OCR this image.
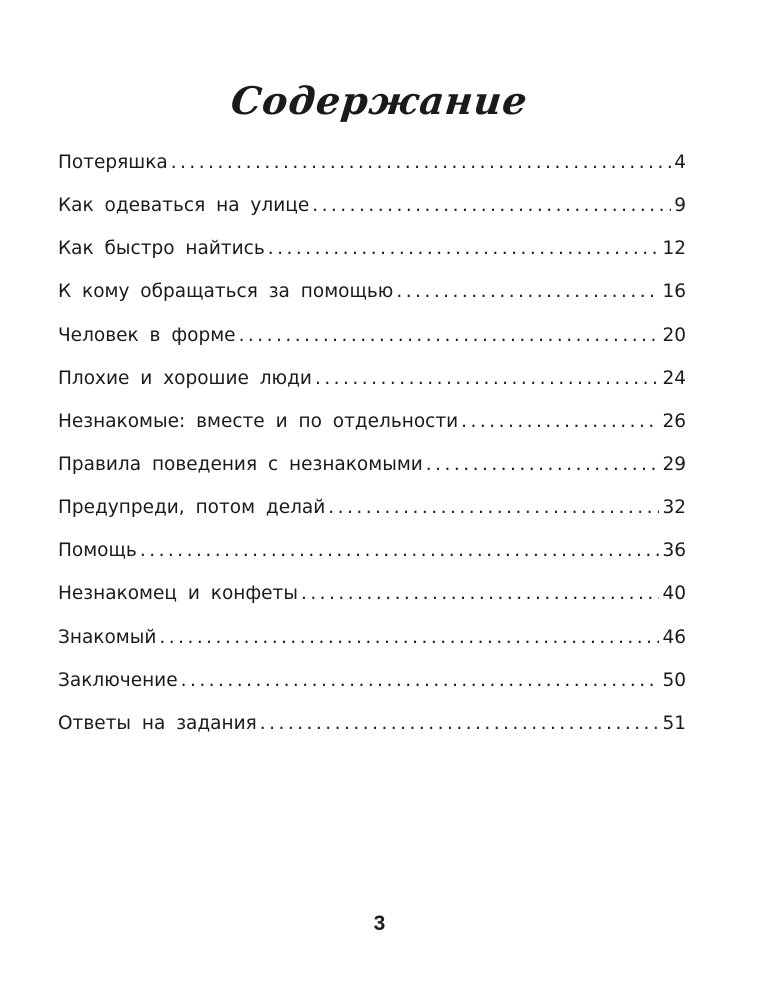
Содержание
Потеряшка . . .	4
Как одеваться на улице . . .	9
Как быстро найтись . . .	12
К кому обращаться за помощью . . .	16
Человек в форме . . .	20
Плохие и хорошие люди . . .	24
Незнакомые: вместе и по отдельности . . .	26
Правила поведения с незнакомыми . . .	29
Предупреди, потом делай . . .	32
Помощь . . .	36
Незнакомец и конфеты . . .	40
Знакомый . . .	46
Заключение . . .	50
Ответы на задания . . .	51
3
